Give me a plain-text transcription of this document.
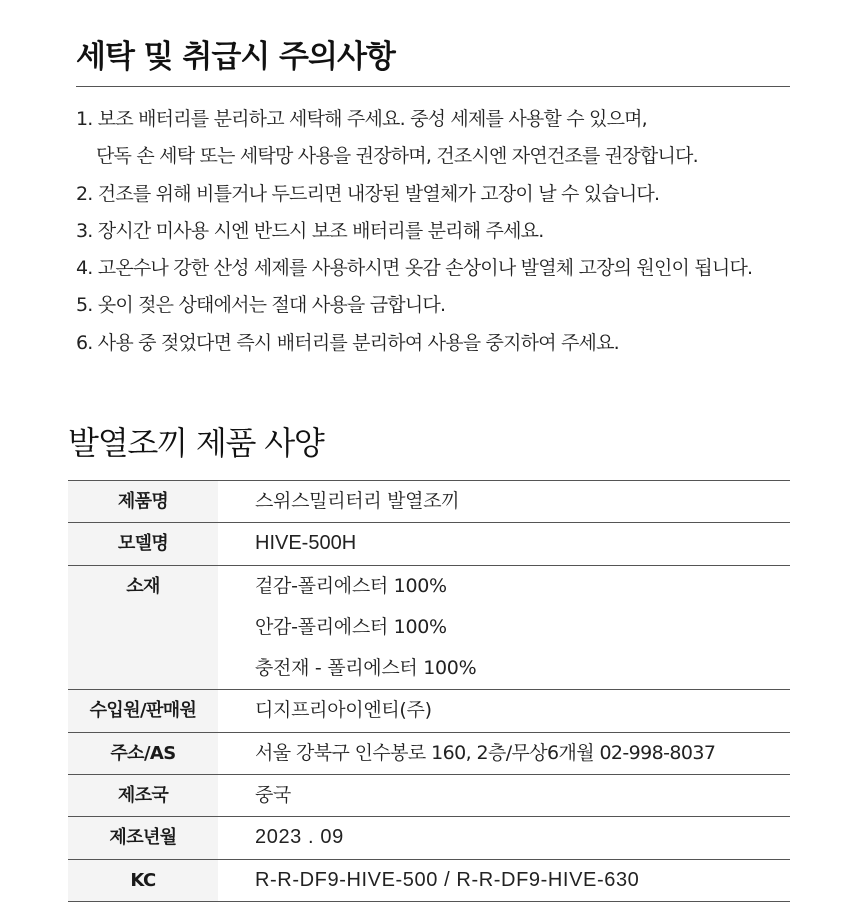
세탁 및 취급시 주의사항
1. 보조 배터리를 분리하고 세탁해 주세요. 중성 세제를 사용할 수 있으며,
단독 손 세탁 또는 세탁망 사용을 권장하며, 건조시엔 자연건조를 권장합니다.
2. 건조를 위해 비틀거나 두드리면 내장된 발열체가 고장이 날 수 있습니다.
3. 장시간 미사용 시엔 반드시 보조 배터리를 분리해 주세요.
4. 고온수나 강한 산성 세제를 사용하시면 옷감 손상이나 발열체 고장의 원인이 됩니다.
5. 옷이 젖은 상태에서는 절대 사용을 금합니다.
6. 사용 중 젖었다면 즉시 배터리를 분리하여 사용을 중지하여 주세요.
발열조끼 제품 사양
제품명	스위스밀리터리 발열조끼

모델명	HIVE-500H

소재	겉감-폴리에스터 100%
안감-폴리에스터 100%
충전재 - 폴리에스터 100%

수입원/판매원	디지프리아이엔티(주)

주소/AS	서울 강북구 인수봉로 160, 2층/무상6개월 02-998-8037

제조국	중국

제조년월	2023 . 09

KC	R-R-DF9-HIVE-500 / R-R-DF9-HIVE-630
